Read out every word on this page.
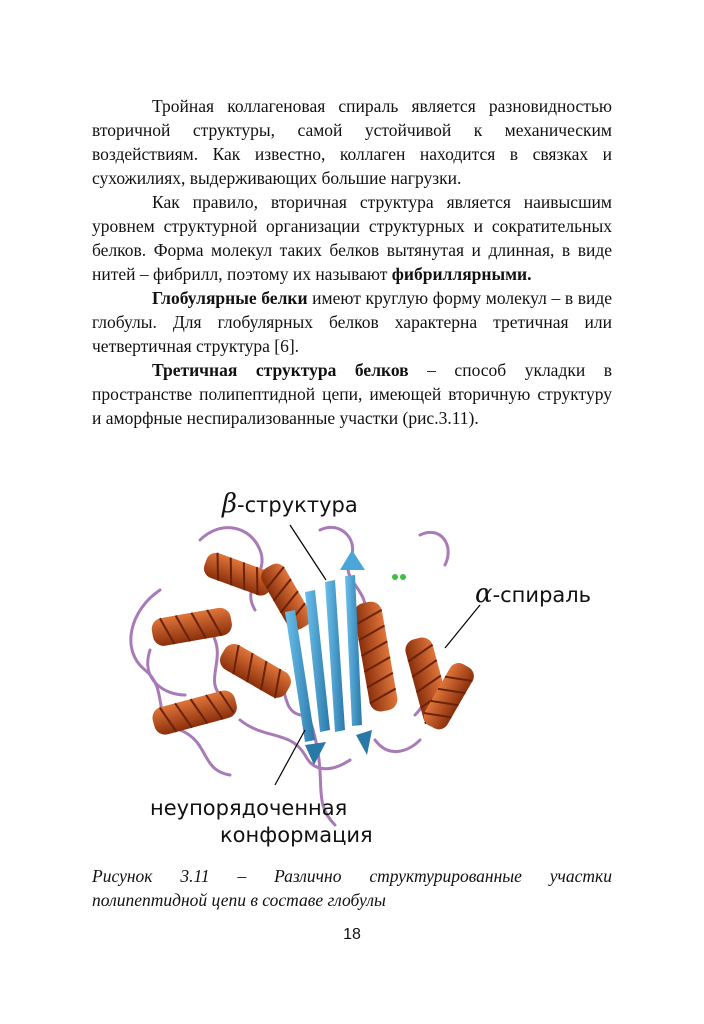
Тройная коллагеновая спираль является разновидностью вторичной структуры, самой устойчивой к механическим воздействиям. Как известно, коллаген находится в связках и сухожилиях, выдерживающих большие нагрузки.

Как правило, вторичная структура является наивысшим уровнем структурной организации структурных и сократительных белков. Форма молекул таких белков вытянутая и длинная, в виде нитей – фибрилл, поэтому их называют фибриллярными.

Глобулярные белки имеют круглую форму молекул – в виде глобулы. Для глобулярных белков характерна третичная или четвертичная структура [6].

Третичная структура белков – способ укладки в пространстве полипептидной цепи, имеющей вторичную структуру и аморфные неспирализованные участки (рис.3.11).

β-структура
α-спираль
неупорядоченная
конформация
Рисунок 3.11 – Различно структурированные участки полипептидной цепи в составе глобулы
18
